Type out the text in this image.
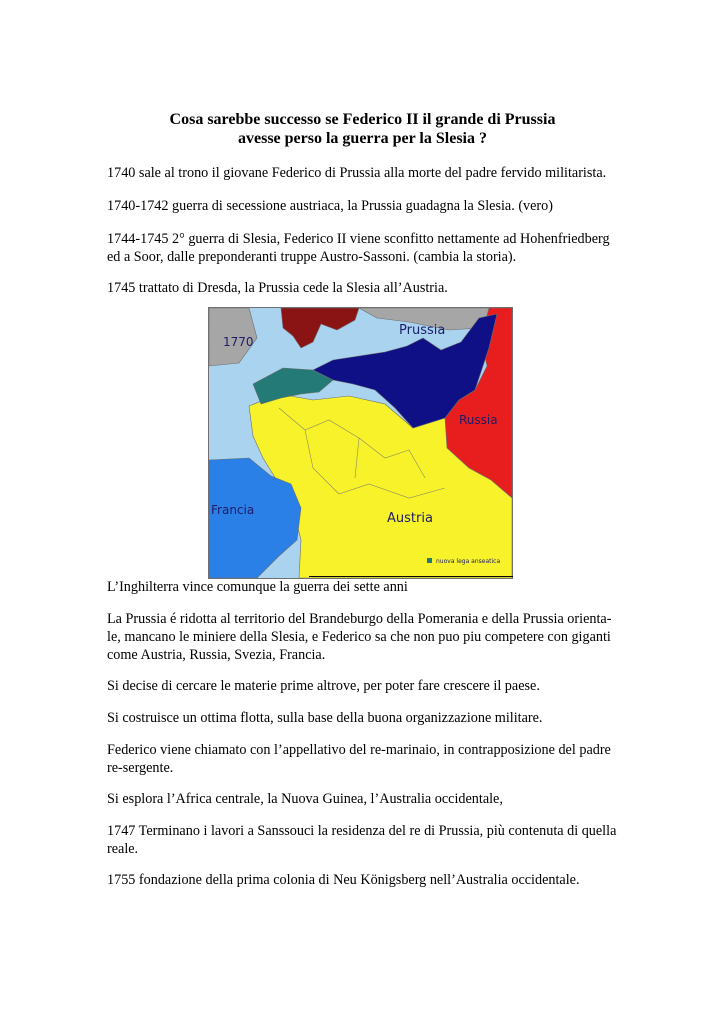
Cosa sarebbe successo se Federico II il grande di Prussia
avesse perso la guerra per la Slesia ?
1740 sale al trono il giovane Federico di Prussia alla morte del padre fervido militarista.
1740-1742 guerra di secessione austriaca, la Prussia guadagna la Slesia. (vero)
1744-1745 2° guerra di Slesia, Federico II viene sconfitto nettamente ad Hohenfriedberg ed a Soor, dalle preponderanti truppe Austro-Sassoni. (cambia la storia).
1745 trattato di Dresda, la Prussia cede la Slesia all’Austria.
1770
Prussia
Russia
Francia
Austria
nuova lega anseatica
L’Inghilterra vince comunque la guerra dei sette anni
La Prussia é ridotta al territorio del Brandeburgo della Pomerania e della Prussia orienta-le, mancano le miniere della Slesia, e Federico sa che non puo piu competere con giganti come Austria, Russia, Svezia, Francia.
Si decise di cercare le materie prime altrove, per poter fare crescere il paese.
Si costruisce un ottima flotta, sulla base della buona organizzazione militare.
Federico viene chiamato con l’appellativo del re-marinaio, in contrapposizione del padre re-sergente.
Si esplora l’Africa centrale, la Nuova Guinea, l’Australia occidentale,
1747 Terminano i lavori a Sanssouci la residenza del re di Prussia, più contenuta di quella reale.
1755 fondazione della prima colonia di Neu Königsberg nell’Australia occidentale.
